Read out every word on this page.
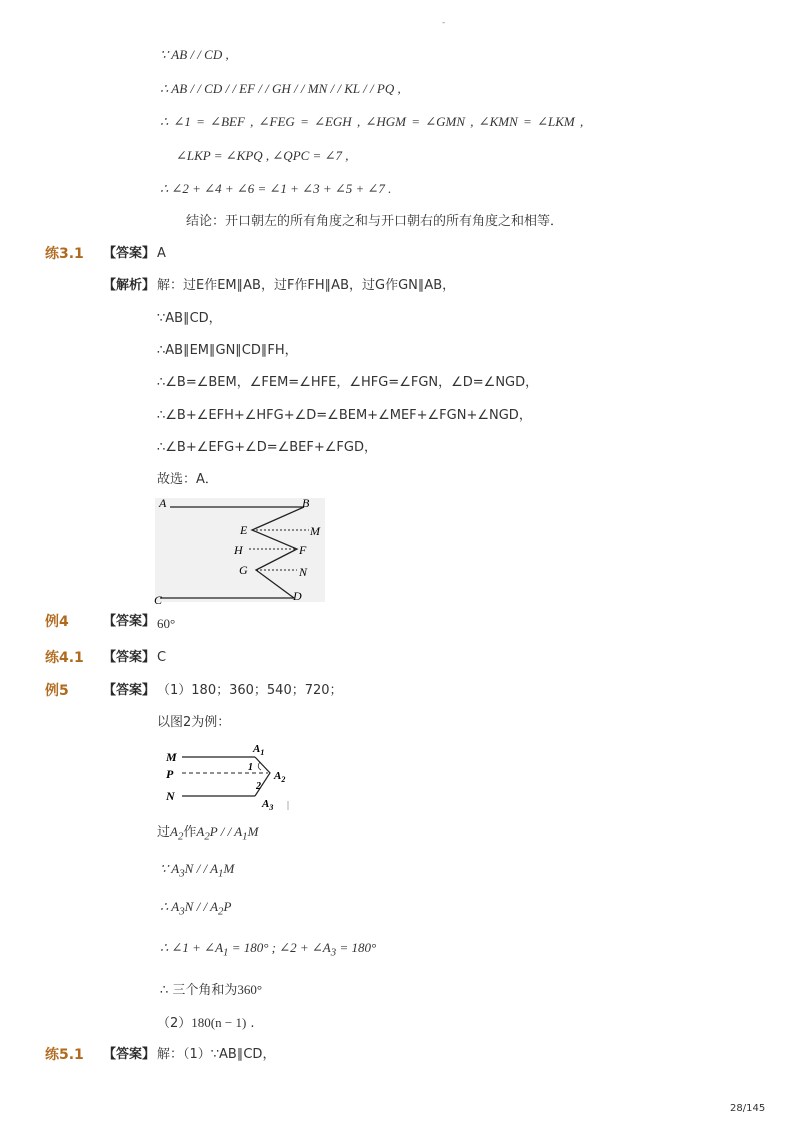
-
∵ AB / / CD ,
∴ AB / / CD / / EF / / GH / / MN / / KL / / PQ ,
∴ ∠1 = ∠BEF , ∠FEG = ∠EGH , ∠HGM = ∠GMN , ∠KMN = ∠LKM ,
∠LKP = ∠KPQ , ∠QPC = ∠7 ,
∴ ∠2 + ∠4 + ∠6 = ∠1 + ∠3 + ∠5 + ∠7 .
结论：开口朝左的所有角度之和与开口朝右的所有角度之和相等．
练3.1 【答案】 A
【解析】 解：过E作EM∥AB，过F作FH∥AB，过G作GN∥AB，
∵AB∥CD，
∴AB∥EM∥GN∥CD∥FH，
∴∠B=∠BEM，∠FEM=∠HFE，∠HFG=∠FGN，∠D=∠NGD，
∴∠B+∠EFH+∠HFG+∠D=∠BEM+∠MEF+∠FGN+∠NGD，
∴∠B+∠EFG+∠D=∠BEF+∠FGD，
故选：A．
A	B
E	M
H	F
G	N
C	D
例4	【答案】 60°
练4.1 【答案】 C
例5	【答案】 （1）180；360；540；720；
以图2为例：
M
P
N
$A_1$
$A_2$
$A_3$
1
2
过$A_2$作$A_2P$ / / $A_1M$
∵ $A_3N$ / / $A_1M$
∴ $A_3N$ / / $A_2P$
∴ ∠1 + $\angle A_1 = 180^\circ$ ; ∠2 + $\angle A_3 = 180^\circ$
∴ 三个角和为360°
（2）180(n − 1) .
练5.1 【答案】 解：（1）∵AB∥CD，
28/145
